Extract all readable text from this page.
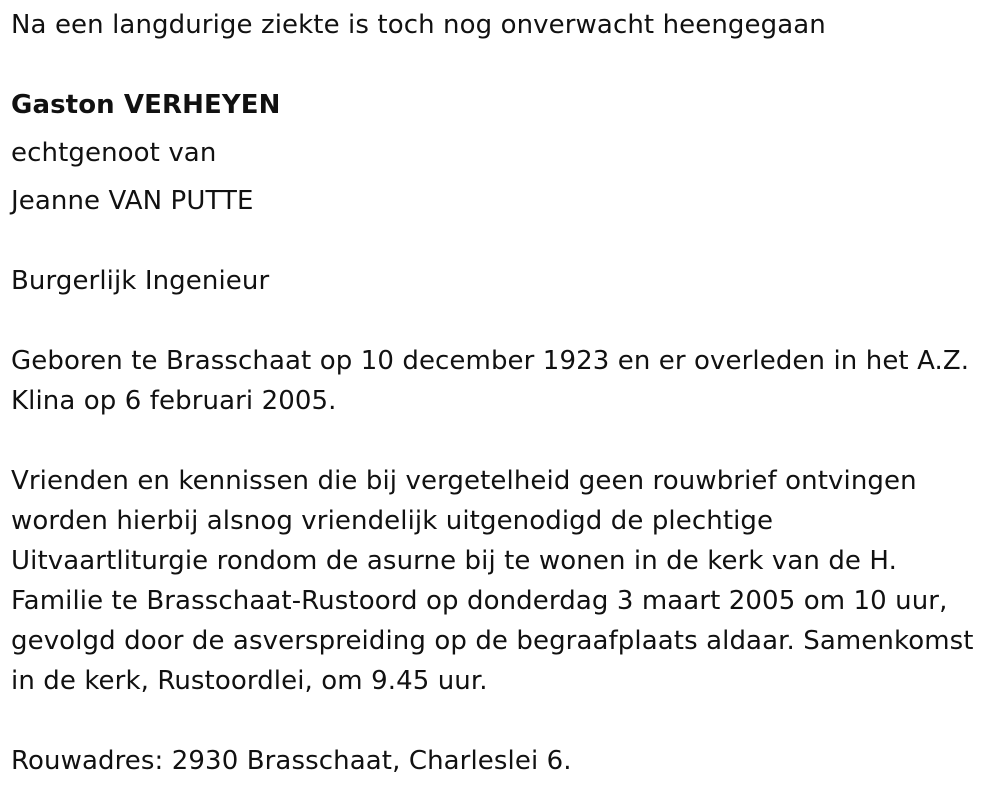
Na een langdurige ziekte is toch nog onverwacht heengegaan
Gaston VERHEYEN
echtgenoot van
Jeanne VAN PUTTE
Burgerlijk Ingenieur
Geboren te Brasschaat op 10 december 1923 en er overleden in het A.Z.
Klina op 6 februari 2005.
Vrienden en kennissen die bij vergetelheid geen rouwbrief ontvingen
worden hierbij alsnog vriendelijk uitgenodigd de plechtige
Uitvaartliturgie rondom de asurne bij te wonen in de kerk van de H.
Familie te Brasschaat-Rustoord op donderdag 3 maart 2005 om 10 uur,
gevolgd door de asverspreiding op de begraafplaats aldaar. Samenkomst
in de kerk, Rustoordlei, om 9.45 uur.
Rouwadres: 2930 Brasschaat, Charleslei 6.
